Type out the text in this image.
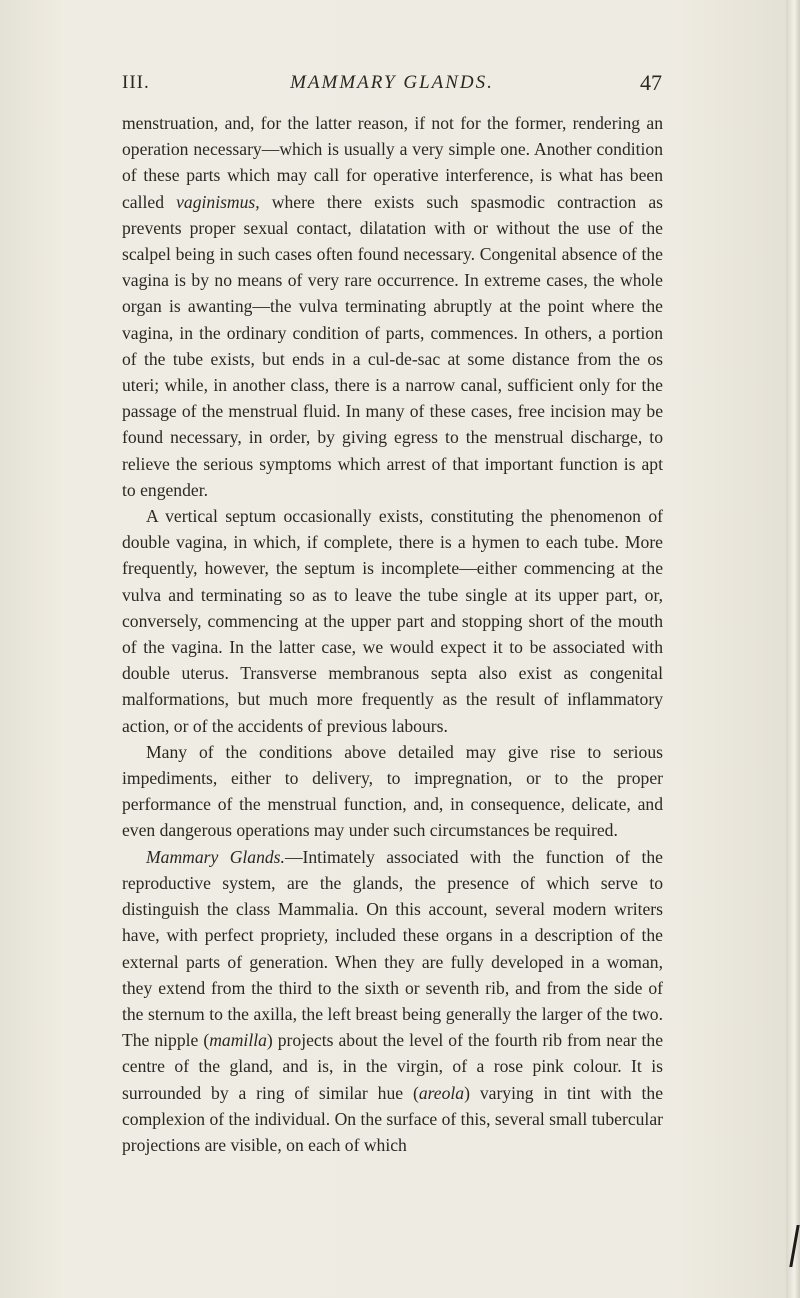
III.	MAMMARY GLANDS.	47

menstruation, and, for the latter reason, if not for the former, rendering an operation necessary—which is usually a very simple one. Another condition of these parts which may call for operative interference, is what has been called vaginismus, where there exists such spasmodic contraction as prevents proper sexual contact, dilatation with or without the use of the scalpel being in such cases often found necessary. Congenital absence of the vagina is by no means of very rare occurrence. In extreme cases, the whole organ is awanting—the vulva terminating abruptly at the point where the vagina, in the ordinary condition of parts, commences. In others, a portion of the tube exists, but ends in a cul-de-sac at some distance from the os uteri; while, in another class, there is a narrow canal, sufficient only for the passage of the menstrual fluid. In many of these cases, free incision may be found necessary, in order, by giving egress to the menstrual discharge, to relieve the serious symptoms which arrest of that important function is apt to engender.

A vertical septum occasionally exists, constituting the phenomenon of double vagina, in which, if complete, there is a hymen to each tube. More frequently, however, the septum is incomplete—either commencing at the vulva and terminating so as to leave the tube single at its upper part, or, conversely, commencing at the upper part and stopping short of the mouth of the vagina. In the latter case, we would expect it to be associated with double uterus. Transverse membranous septa also exist as congenital malformations, but much more frequently as the result of inflammatory action, or of the accidents of previous labours.

Many of the conditions above detailed may give rise to serious impediments, either to delivery, to impregnation, or to the proper performance of the menstrual function, and, in consequence, delicate, and even dangerous operations may under such circumstances be required.

Mammary Glands.—Intimately associated with the function of the reproductive system, are the glands, the presence of which serve to distinguish the class Mammalia. On this account, several modern writers have, with perfect propriety, included these organs in a description of the external parts of generation. When they are fully developed in a woman, they extend from the third to the sixth or seventh rib, and from the side of the sternum to the axilla, the left breast being generally the larger of the two. The nipple (mamilla) projects about the level of the fourth rib from near the centre of the gland, and is, in the virgin, of a rose pink colour. It is surrounded by a ring of similar hue (areola) varying in tint with the complexion of the individual. On the surface of this, several small tubercular projections are visible, on each of which
